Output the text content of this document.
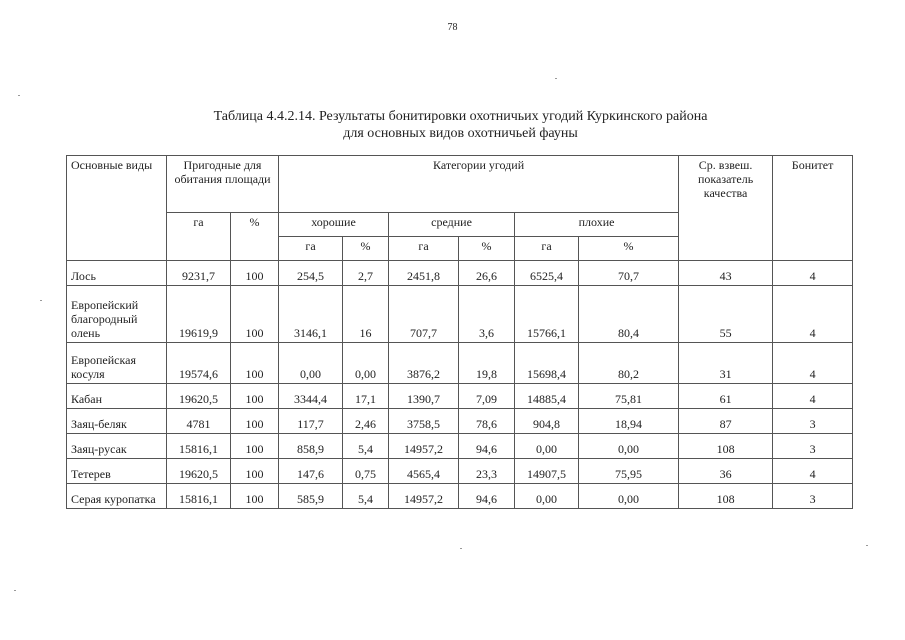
78
Таблица 4.4.2.14. Результаты бонитировки охотничьих угодий Куркинского района
для основных видов охотничьей фауны
Основные виды	Пригодные для обитания площади		Категории угодий						Ср. взвеш. показатель качества	Бонитет
	га	%	хорошие		средние		плохие			
			га	%	га	%	га	%		
Лось	9231,7	100	254,5	2,7	2451,8	26,6	6525,4	70,7	43	4
Европейский благородный олень	19619,9	100	3146,1	16	707,7	3,6	15766,1	80,4	55	4
Европейская косуля	19574,6	100	0,00	0,00	3876,2	19,8	15698,4	80,2	31	4
Кабан	19620,5	100	3344,4	17,1	1390,7	7,09	14885,4	75,81	61	4
Заяц-беляк	4781	100	117,7	2,46	3758,5	78,6	904,8	18,94	87	3
Заяц-русак	15816,1	100	858,9	5,4	14957,2	94,6	0,00	0,00	108	3
Тетерев	19620,5	100	147,6	0,75	4565,4	23,3	14907,5	75,95	36	4
Серая куропатка	15816,1	100	585,9	5,4	14957,2	94,6	0,00	0,00	108	3
